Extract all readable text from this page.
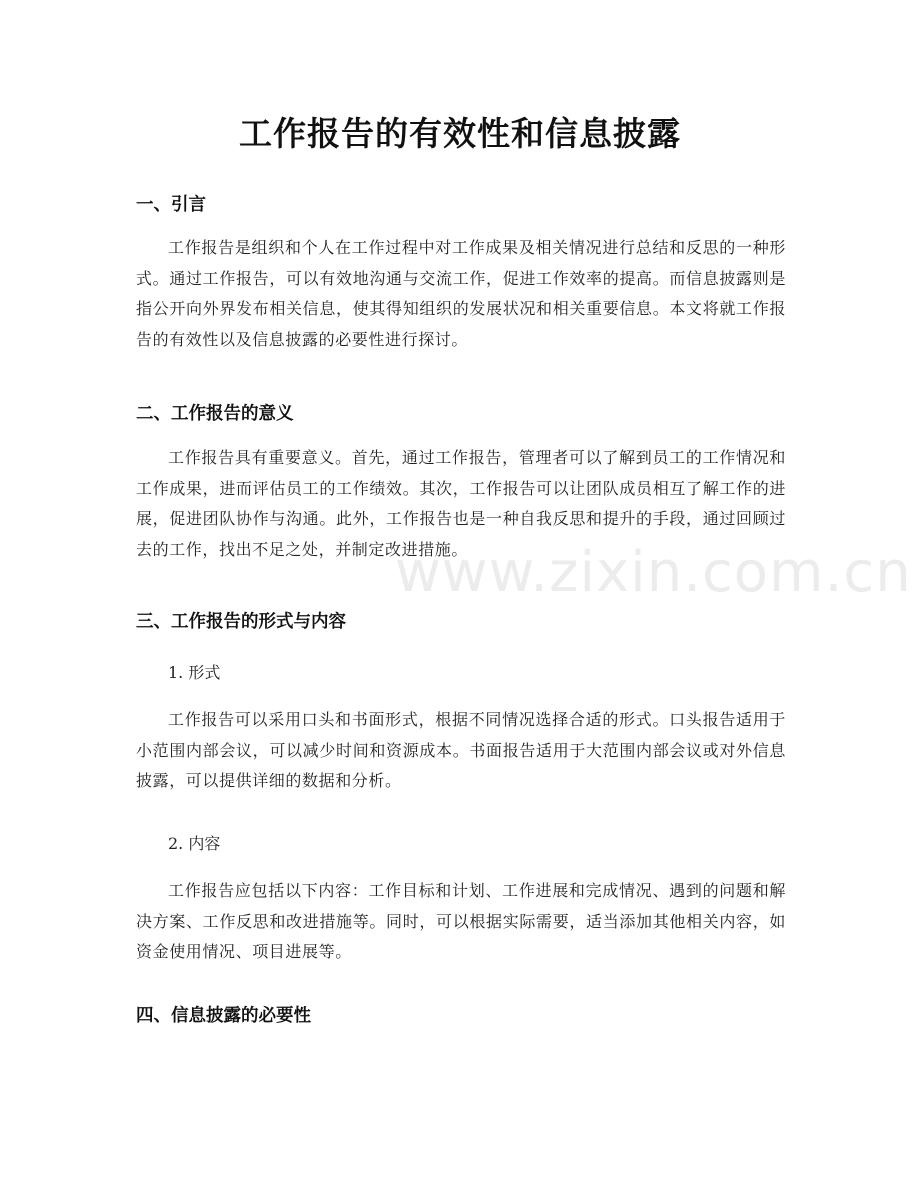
工作报告的有效性和信息披露
一、引言
工作报告是组织和个人在工作过程中对工作成果及相关情况进行总结和反思的一种形式。通过工作报告，可以有效地沟通与交流工作，促进工作效率的提高。而信息披露则是指公开向外界发布相关信息，使其得知组织的发展状况和相关重要信息。本文将就工作报告的有效性以及信息披露的必要性进行探讨。
二、工作报告的意义
工作报告具有重要意义。首先，通过工作报告，管理者可以了解到员工的工作情况和工作成果，进而评估员工的工作绩效。其次，工作报告可以让团队成员相互了解工作的进展，促进团队协作与沟通。此外，工作报告也是一种自我反思和提升的手段，通过回顾过去的工作，找出不足之处，并制定改进措施。
三、工作报告的形式与内容
1. 形式
工作报告可以采用口头和书面形式，根据不同情况选择合适的形式。口头报告适用于小范围内部会议，可以减少时间和资源成本。书面报告适用于大范围内部会议或对外信息披露，可以提供详细的数据和分析。
2. 内容
工作报告应包括以下内容：工作目标和计划、工作进展和完成情况、遇到的问题和解决方案、工作反思和改进措施等。同时，可以根据实际需要，适当添加其他相关内容，如资金使用情况、项目进展等。
四、信息披露的必要性
www.zixin.com.cn
